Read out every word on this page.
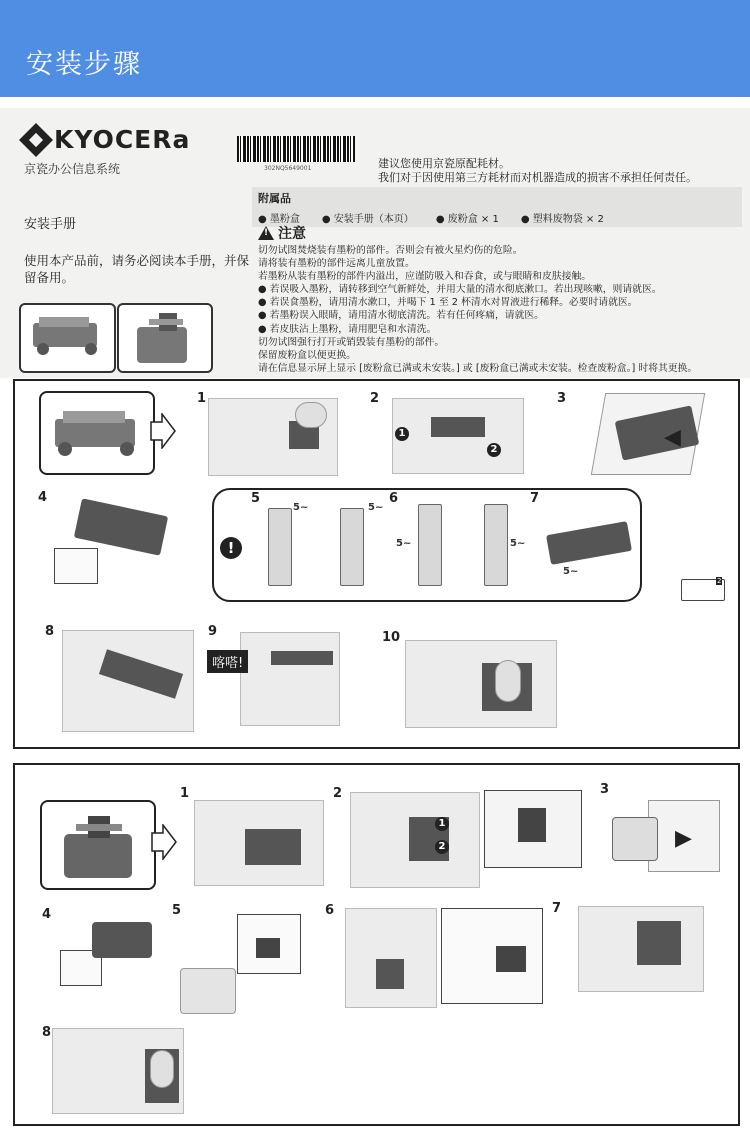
安装步骤
KYOCERa
京瓷办公信息系统	302NQ5649001	建议您使用京瓷原配耗材。
我们对于因使用第三方耗材而对机器造成的损害不承担任何责任。
安装手册
使用本产品前，请务必阅读本手册，并保留备用。
附属品
● 墨粉盒 ● 安装手册（本页） ● 废粉盒 × 1 ● 塑料废物袋 × 2
!
注意
切勿试图焚烧装有墨粉的部件。否则会有被火星灼伤的危险。
请将装有墨粉的部件远离儿童放置。
若墨粉从装有墨粉的部件内溢出，应谨防吸入和吞食，或与眼睛和皮肤接触。
● 若误吸入墨粉，请转移到空气新鲜处，并用大量的清水彻底漱口。若出现咳嗽，则请就医。
● 若误食墨粉，请用清水漱口，并喝下 1 至 2 杯清水对胃液进行稀释。必要时请就医。
● 若墨粉误入眼睛，请用清水彻底清洗。若有任何疼痛，请就医。
● 若皮肤沾上墨粉，请用肥皂和水清洗。
切勿试图强行打开或销毁装有墨粉的部件。
保留废粉盒以便更换。
请在信息显示屏上显示 [废粉盒已满或未安装。] 或 [废粉盒已满或未安装。检查废粉盒。] 时将其更换。
1	2
1
2
3
◀
4
!
5
5~	5~
6
5~	5~
7
5~
2
8	9
喀嗒!
10
1	2
1
2
3
▶
4	5	6	7
8
